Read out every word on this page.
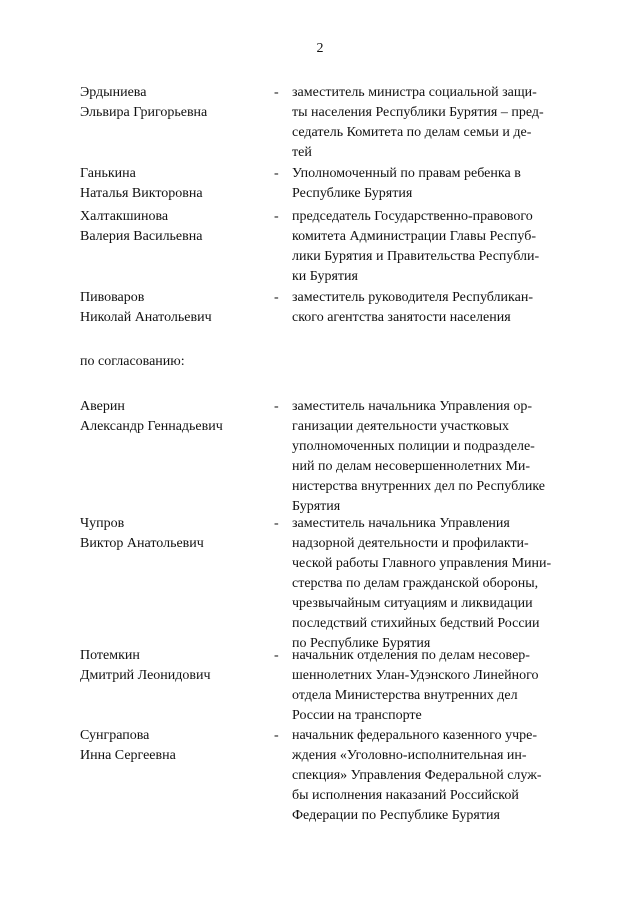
2
Эрдыниева
Эльвира Григорьевна
- заместитель министра социальной защи-
ты населения Республики Бурятия – пред-
седатель Комитета по делам семьи и де-
тей
Ганькина
Наталья Викторовна
- Уполномоченный по правам ребенка в
Республике Бурятия
Халтакшинова
Валерия Васильевна
- председатель Государственно-правового
комитета Администрации Главы Респуб-
лики Бурятия и Правительства Республи-
ки Бурятия
Пивоваров
Николай Анатольевич
- заместитель руководителя Республикан-
ского агентства занятости населения
по согласованию:
Аверин
Александр Геннадьевич
- заместитель начальника Управления ор-
ганизации деятельности участковых
уполномоченных полиции и подразделе-
ний по делам несовершеннолетних Ми-
нистерства внутренних дел по Республике
Бурятия
Чупров
Виктор Анатольевич
- заместитель начальника Управления
надзорной деятельности и профилакти-
ческой работы Главного управления Мини-
стерства по делам гражданской обороны,
чрезвычайным ситуациям и ликвидации
последствий стихийных бедствий России
по Республике Бурятия
Потемкин
Дмитрий Леонидович
- начальник отделения по делам несовер-
шеннолетних Улан-Удэнского Линейного
отдела Министерства внутренних дел
России на транспорте
Сунграпова
Инна Сергеевна
- начальник федерального казенного учре-
ждения «Уголовно-исполнительная ин-
спекция» Управления Федеральной служ-
бы исполнения наказаний Российской
Федерации по Республике Бурятия
